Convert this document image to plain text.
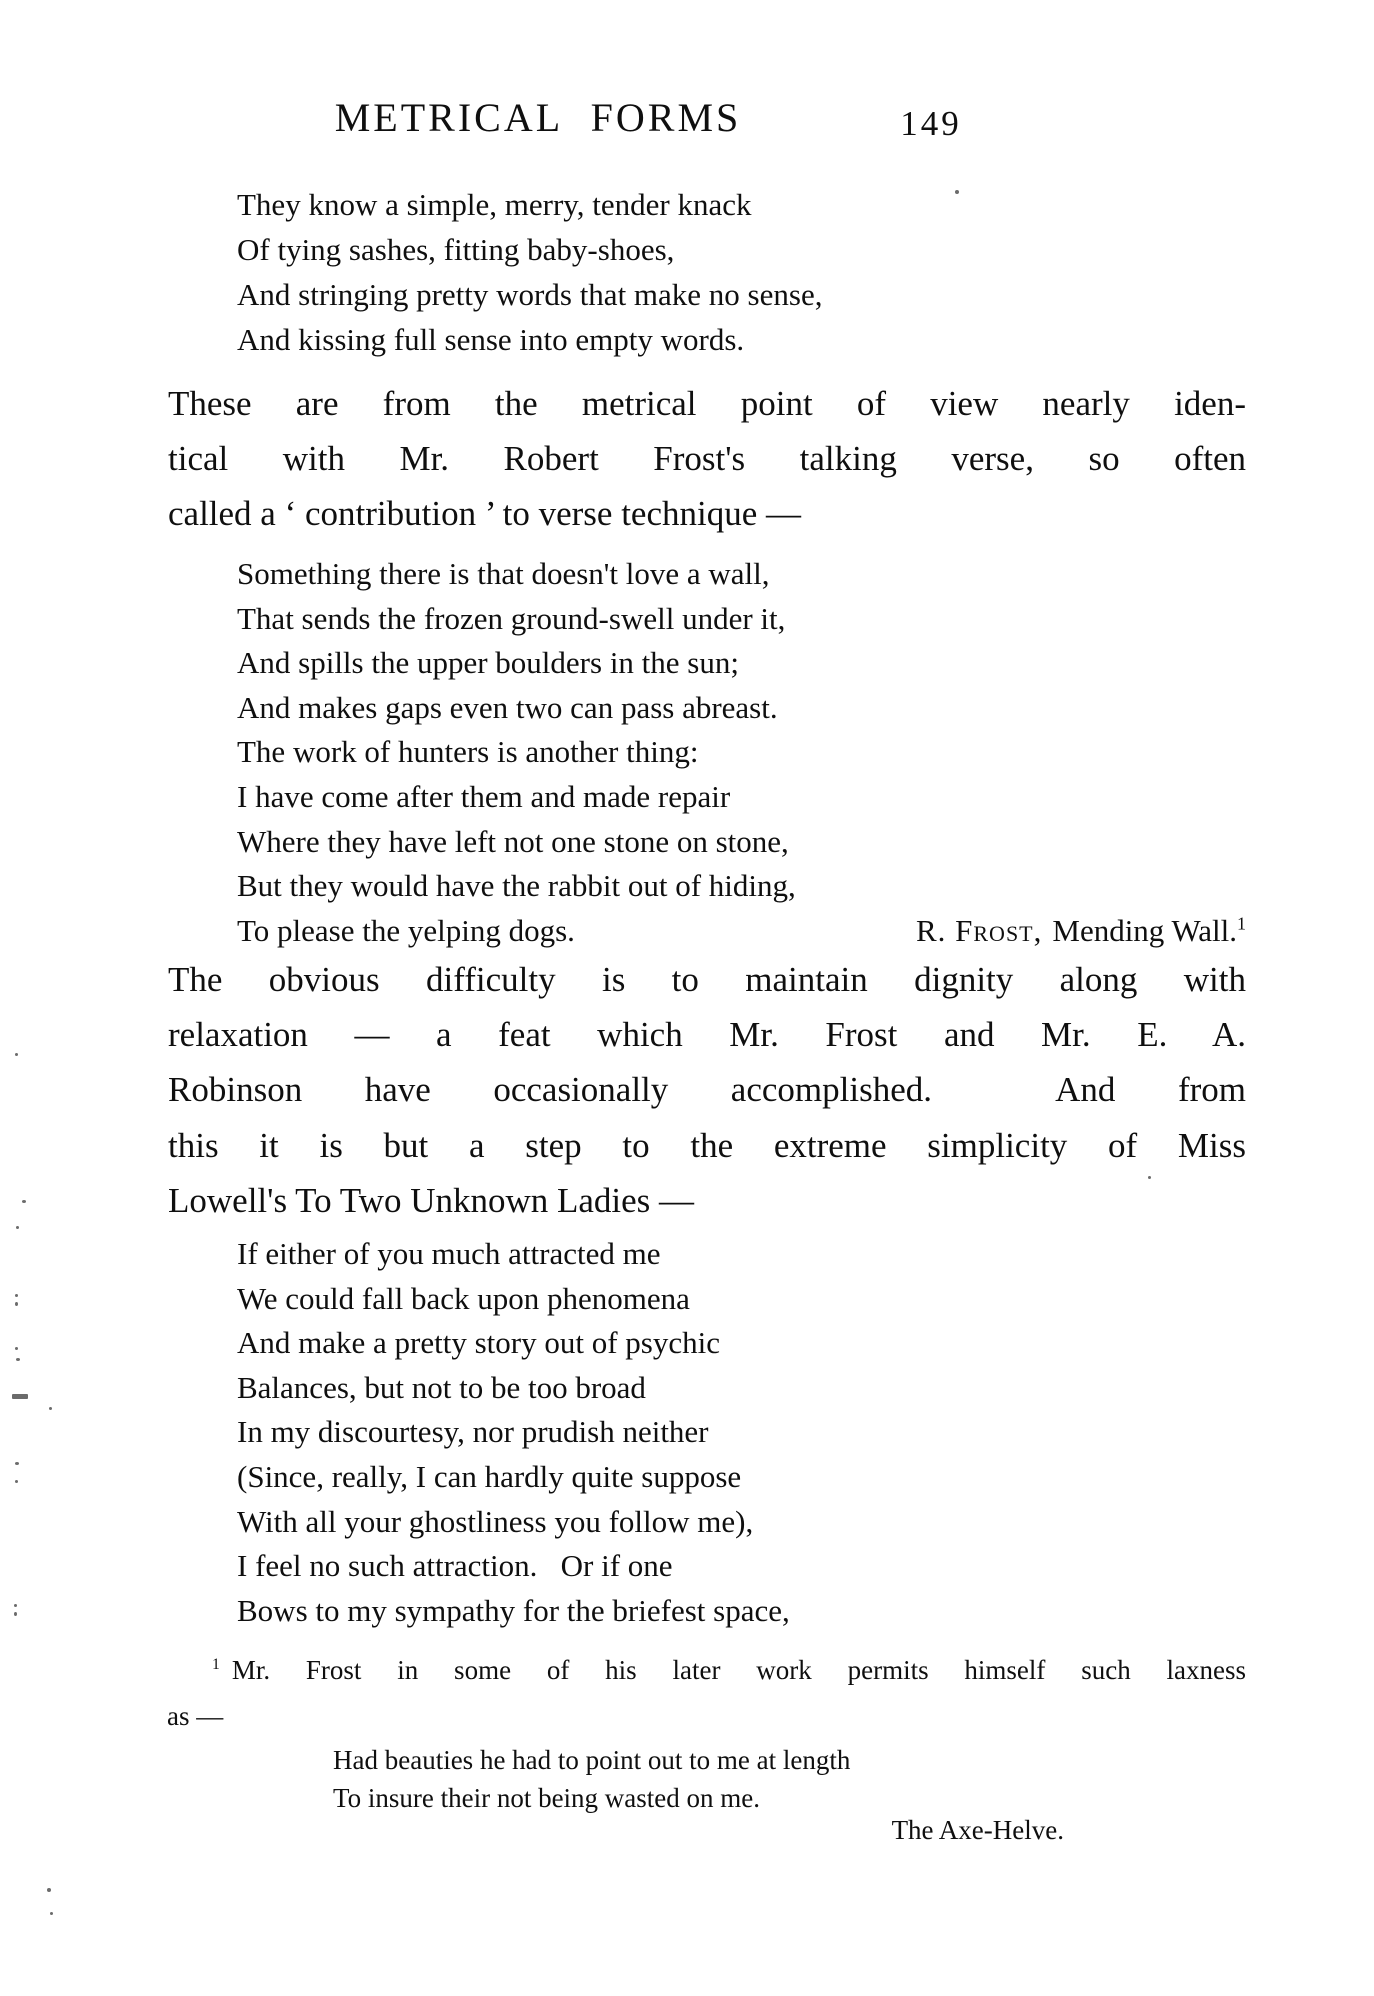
METRICAL FORMS	149
They know a simple, merry, tender knack
Of tying sashes, fitting baby-shoes,
And stringing pretty words that make no sense,
And kissing full sense into empty words.
These are from the metrical point of view nearly iden-
tical with Mr. Robert Frost's talking verse, so often
called a ‘ contribution ’ to verse technique —
Something there is that doesn't love a wall,
That sends the frozen ground-swell under it,
And spills the upper boulders in the sun;
And makes gaps even two can pass abreast.
The work of hunters is another thing:
I have come after them and made repair
Where they have left not one stone on stone,
But they would have the rabbit out of hiding,
To please the yelping dogs.	R. Frost, Mending Wall.$^1$
The obvious difficulty is to maintain dignity along with
relaxation — a feat which Mr. Frost and Mr. E. A.
Robinson have occasionally accomplished.  And from
this it is but a step to the extreme simplicity of Miss
Lowell's To Two Unknown Ladies —
If either of you much attracted me
We could fall back upon phenomena
And make a pretty story out of psychic
Balances, but not to be too broad
In my discourtesy, nor prudish neither
(Since, really, I can hardly quite suppose
With all your ghostliness you follow me),
I feel no such attraction.   Or if one
Bows to my sympathy for the briefest space,
$^1$ Mr. Frost in some of his later work permits himself such laxness
as —
Had beauties he had to point out to me at length
To insure their not being wasted on me.
The Axe-Helve.
